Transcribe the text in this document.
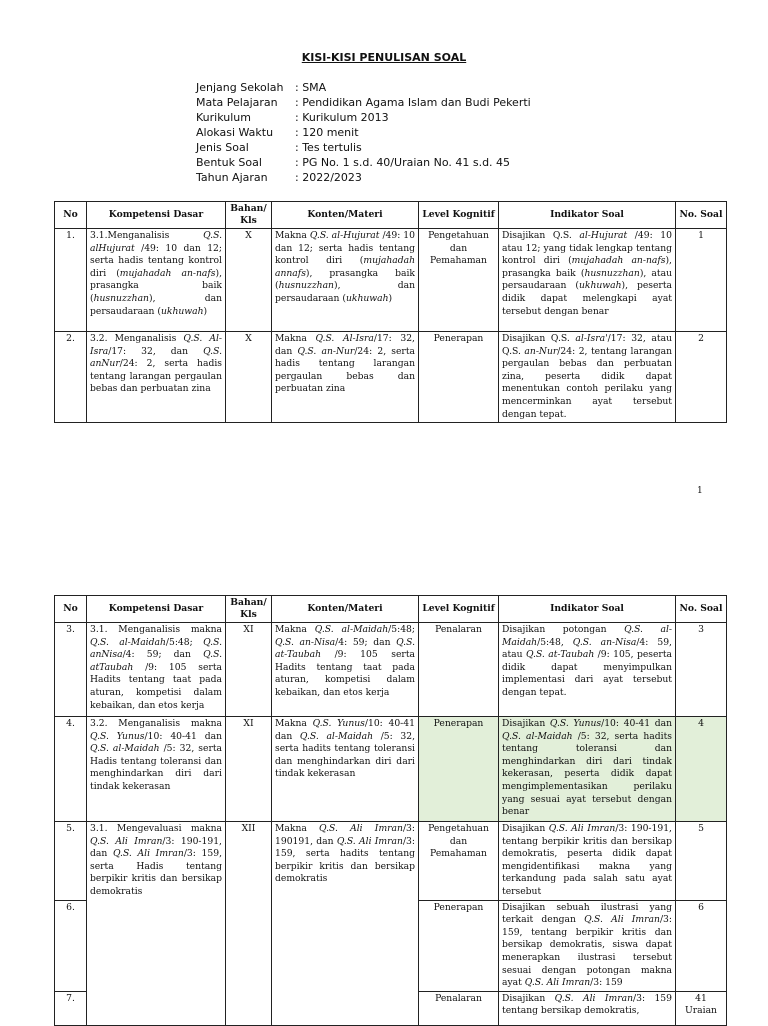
KISI-KISI PENULISAN SOAL
Jenjang Sekolah	: SMA
Mata Pelajaran	: Pendidikan Agama Islam dan Budi Pekerti
Kurikulum	: Kurikulum 2013
Alokasi Waktu	: 120 menit
Jenis Soal	: Tes tertulis
Bentuk Soal	: PG No. 1 s.d. 40/Uraian No. 41 s.d. 45
Tahun Ajaran	: 2022/2023
No	Kompetensi Dasar	Bahan/ Kls	Konten/Materi	Level Kognitif	Indikator Soal	No. Soal
1.	3.1.Menganalisis Q.S. alHujurat /49: 10 dan 12; serta hadis tentang kontrol diri (mujahadah an-nafs), prasangka baik (husnuzzhan), dan persaudaraan (ukhuwah)	X	Makna Q.S. al-Hujurat /49: 10 dan 12; serta hadis tentang kontrol diri (mujahadah annafs), prasangka baik (husnuzzhan), dan persaudaraan (ukhuwah)	Pengetahuan dan Pemahaman	Disajikan Q.S. al-Hujurat /49: 10 atau 12; yang tidak lengkap tentang kontrol diri (mujahadah an-nafs), prasangka baik (husnuzzhan), atau persaudaraan (ukhuwah), peserta didik dapat melengkapi ayat tersebut dengan benar	1
2.	3.2. Menganalisis Q.S. Al-Isra/17: 32, dan Q.S. anNur/24: 2, serta hadis tentang larangan pergaulan bebas dan perbuatan zina	X	Makna Q.S. Al-Isra/17: 32, dan Q.S. an-Nur/24: 2, serta hadis tentang larangan pergaulan bebas dan perbuatan zina	Penerapan	Disajikan Q.S. al-Isra'/17: 32, atau Q.S. an-Nur/24: 2, tentang larangan pergaulan bebas dan perbuatan zina, peserta didik dapat menentukan contoh perilaku yang mencerminkan ayat tersebut dengan tepat.	2
1
No	Kompetensi Dasar	Bahan/ Kls	Konten/Materi	Level Kognitif	Indikator Soal	No. Soal
3.	3.1. Menganalisis makna Q.S. al-Maidah/5:48; Q.S. anNisa/4: 59; dan Q.S. atTaubah /9: 105 serta Hadits tentang taat pada aturan, kompetisi dalam kebaikan, dan etos kerja	XI	Makna Q.S. al-Maidah/5:48; Q.S. an-Nisa/4: 59; dan Q.S. at-Taubah /9: 105 serta Hadits tentang taat pada aturan, kompetisi dalam kebaikan, dan etos kerja	Penalaran	Disajikan potongan Q.S. al-Maidah/5:48, Q.S. an-Nisa/4: 59, atau Q.S. at-Taubah /9: 105, peserta didik dapat menyimpulkan implementasi dari ayat tersebut dengan tepat.	3
4.	3.2. Menganalisis makna Q.S. Yunus/10: 40-41 dan Q.S. al-Maidah /5: 32, serta Hadis tentang toleransi dan menghindarkan diri dari tindak kekerasan	XI	Makna Q.S. Yunus/10: 40-41 dan Q.S. al-Maidah /5: 32, serta hadits tentang toleransi dan menghindarkan diri dari tindak kekerasan	Penerapan	Disajikan Q.S. Yunus/10: 40-41 dan Q.S. al-Maidah /5: 32, serta hadits tentang toleransi dan menghindarkan diri dari tindak kekerasan, peserta didik dapat mengimplementasikan perilaku yang sesuai ayat tersebut dengan benar	4
5.	3.1. Mengevaluasi makna Q.S. Ali Imran/3: 190-191, dan Q.S. Ali Imran/3: 159, serta Hadis tentang berpikir kritis dan bersikap demokratis	XII	Makna Q.S. Ali Imran/3: 190191, dan Q.S. Ali Imran/3: 159, serta hadits tentang berpikir kritis dan bersikap demokratis	Pengetahuan dan Pemahaman	Disajikan Q.S. Ali Imran/3: 190-191, tentang berpikir kritis dan bersikap demokratis, peserta didik dapat mengidentifikasi makna yang terkandung pada salah satu ayat tersebut	5
6.				Penerapan	Disajikan sebuah ilustrasi yang terkait dengan Q.S. Ali Imran/3: 159, tentang berpikir kritis dan bersikap demokratis, siswa dapat menerapkan ilustrasi tersebut sesuai dengan potongan makna ayat Q.S. Ali Imran/3: 159	6
7.				Penalaran	Disajikan Q.S. Ali Imran/3: 159 tentang bersikap demokratis,	41 Uraian
